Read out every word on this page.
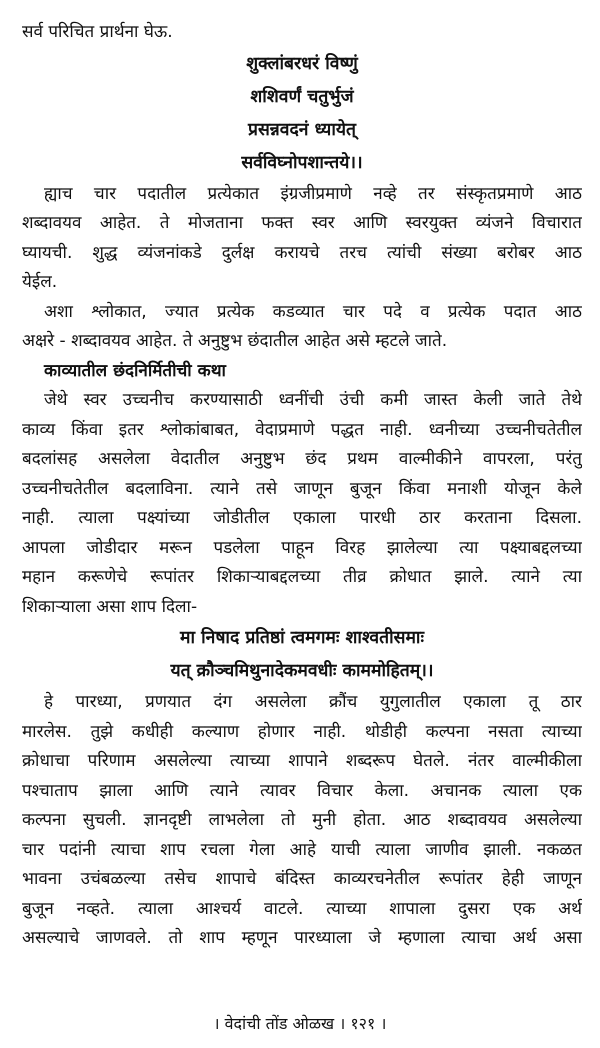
सर्व परिचित प्रार्थना घेऊ.
शुक्लांबरधरं विष्णुं
शशिवर्णं चतुर्भुजं
प्रसन्नवदनं ध्यायेत्
सर्वविघ्नोपशान्तये।।
ह्याच चार पदातील प्रत्येकात इंग्रजीप्रमाणे नव्हे तर संस्कृतप्रमाणे आठ
शब्दावयव आहेत. ते मोजताना फक्त स्वर आणि स्वरयुक्त व्यंजने विचारात
घ्यायची. शुद्ध व्यंजनांकडे दुर्लक्ष करायचे तरच त्यांची संख्या बरोबर आठ
येईल.
अशा श्लोकात, ज्यात प्रत्येक कडव्यात चार पदे व प्रत्येक पदात आठ
अक्षरे - शब्दावयव आहेत. ते अनुष्टुभ छंदातील आहेत असे म्हटले जाते.
काव्यातील छंदनिर्मितीची कथा
जेथे स्वर उच्चनीच करण्यासाठी ध्वनींची उंची कमी जास्त केली जाते तेथे
काव्य किंवा इतर श्लोकांबाबत, वेदाप्रमाणे पद्धत नाही. ध्वनीच्या उच्चनीचतेतील
बदलांसह असलेला वेदातील अनुष्टुभ छंद प्रथम वाल्मीकीने वापरला, परंतु
उच्चनीचतेतील बदलाविना. त्याने तसे जाणून बुजून किंवा मनाशी योजून केले
नाही. त्याला पक्ष्यांच्या जोडीतील एकाला पारधी ठार करताना दिसला.
आपला जोडीदार मरून पडलेला पाहून विरह झालेल्या त्या पक्ष्याबद्दलच्या
महान करूणेचे रूपांतर शिकाऱ्याबद्दलच्या तीव्र क्रोधात झाले. त्याने त्या
शिकाऱ्याला असा शाप दिला-
मा निषाद प्रतिष्ठां त्वमगमः शाश्वतीसमाः
यत् क्रौञ्चमिथुनादेकमवधीः काममोहितम्।।
हे पारध्या, प्रणयात दंग असलेला क्रौंच युगुलातील एकाला तू ठार
मारलेस. तुझे कधीही कल्याण होणार नाही. थोडीही कल्पना नसता त्याच्या
क्रोधाचा परिणाम असलेल्या त्याच्या शापाने शब्दरूप घेतले. नंतर वाल्मीकीला
पश्चाताप झाला आणि त्याने त्यावर विचार केला. अचानक त्याला एक
कल्पना सुचली. ज्ञानदृष्टी लाभलेला तो मुनी होता. आठ शब्दावयव असलेल्या
चार पदांनी त्याचा शाप रचला गेला आहे याची त्याला जाणीव झाली. नकळत
भावना उचंबळल्या तसेच शापाचे बंदिस्त काव्यरचनेतील रूपांतर हेही जाणून
बुजून नव्हते. त्याला आश्चर्य वाटले. त्याच्या शापाला दुसरा एक अर्थ
असल्याचे जाणवले. तो शाप म्हणून पारध्याला जे म्हणाला त्याचा अर्थ असा
। वेदांची तोंड ओळख । १२१ ।
